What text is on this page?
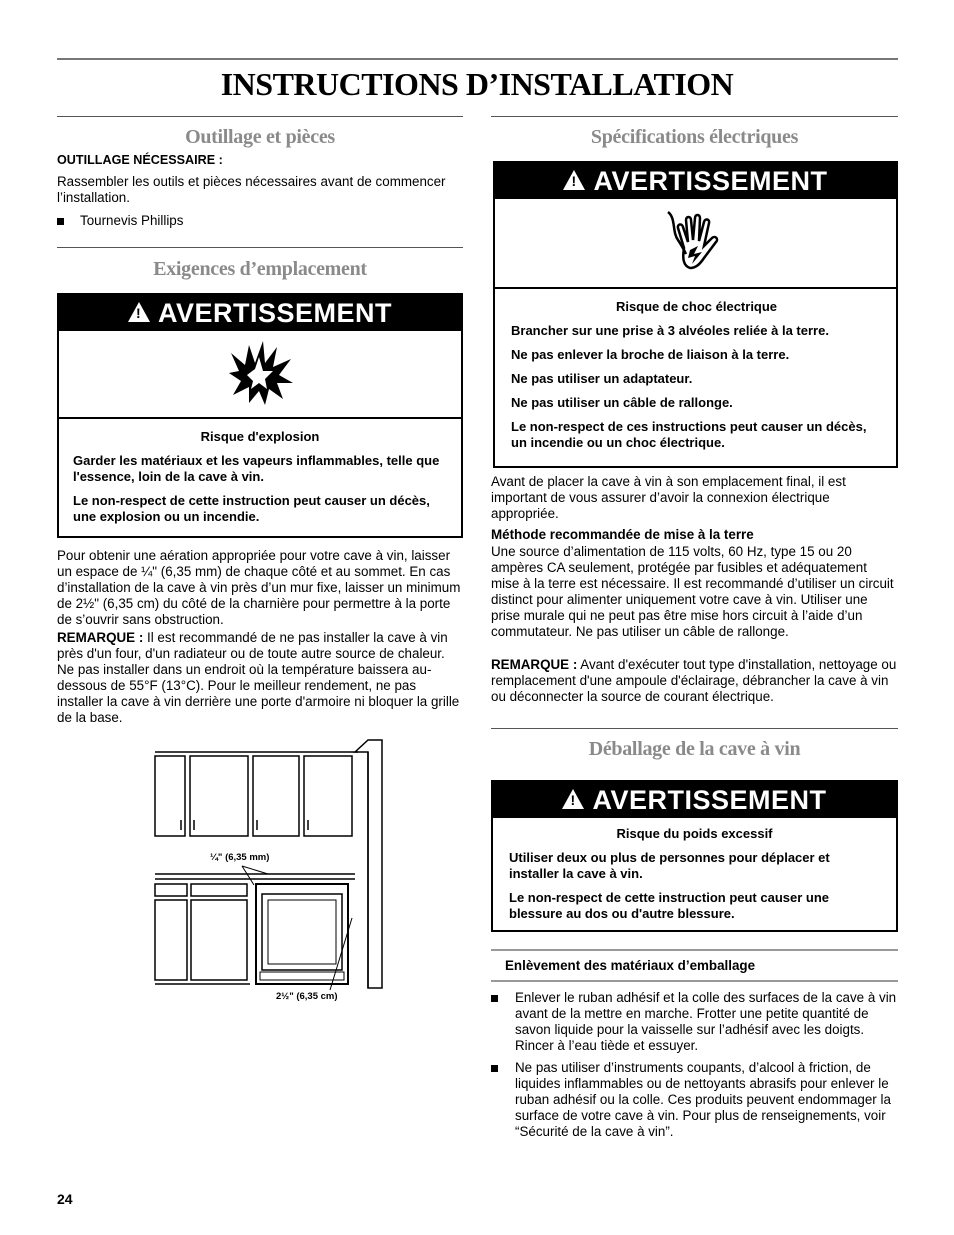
INSTRUCTIONS D’INSTALLATION
Outillage et pièces

OUTILLAGE NÉCESSAIRE :

Rassembler les outils et pièces nécessaires avant de commencer l’installation.

Tournevis Phillips
Exigences d’emplacement
!AVERTISSEMENT

Risque d'explosion

Garder les matériaux et les vapeurs inflammables, telle que l'essence, loin de la cave à vin.

Le non-respect de cette instruction peut causer un décès, une explosion ou un incendie.

Pour obtenir une aération appropriée pour votre cave à vin, laisser un espace de ¼" (6,35 mm) de chaque côté et au sommet. En cas d’installation de la cave à vin près d’un mur fixe, laisser un minimum de 2½" (6,35 cm) du côté de la charnière pour permettre à la porte de s’ouvrir sans obstruction.

REMARQUE : Il est recommandé de ne pas installer la cave à vin près d'un four, d'un radiateur ou de toute autre source de chaleur. Ne pas installer dans un endroit où la température baissera au-dessous de 55°F (13°C). Pour le meilleur rendement, ne pas installer la cave à vin derrière une porte d'armoire ni bloquer la grille de la base.

¼" (6,35 mm)
2½" (6,35 cm)
Spécifications électriques
!AVERTISSEMENT

Risque de choc électrique

Brancher sur une prise à 3 alvéoles reliée à la terre.

Ne pas enlever la broche de liaison à la terre.

Ne pas utiliser un adaptateur.

Ne pas utiliser un câble de rallonge.

Le non-respect de ces instructions peut causer un décès, un incendie ou un choc électrique.

Avant de placer la cave à vin à son emplacement final, il est important de vous assurer d’avoir la connexion électrique appropriée.

Méthode recommandée de mise à la terre

Une source d’alimentation de 115 volts, 60 Hz, type 15 ou 20 ampères CA seulement, protégée par fusibles et adéquatement mise à la terre est nécessaire. Il est recommandé d’utiliser un circuit distinct pour alimenter uniquement votre cave à vin. Utiliser une prise murale qui ne peut pas être mise hors circuit à l’aide d’un commutateur. Ne pas utiliser un câble de rallonge.

REMARQUE : Avant d'exécuter tout type d'installation, nettoyage ou remplacement d'une ampoule d'éclairage, débrancher la cave à vin ou déconnecter la source de courant électrique.

Déballage de la cave à vin
!AVERTISSEMENT

Risque du poids excessif

Utiliser deux ou plus de personnes pour déplacer et installer la cave à vin.

Le non-respect de cette instruction peut causer une blessure au dos ou d'autre blessure.

Enlèvement des matériaux d’emballage

Enlever le ruban adhésif et la colle des surfaces de la cave à vin avant de la mettre en marche. Frotter une petite quantité de savon liquide pour la vaisselle sur l’adhésif avec les doigts. Rincer à l’eau tiède et essuyer.
Ne pas utiliser d’instruments coupants, d’alcool à friction, de liquides inflammables ou de nettoyants abrasifs pour enlever le ruban adhésif ou la colle. Ces produits peuvent endommager la surface de votre cave à vin. Pour plus de renseignements, voir “Sécurité de la cave à vin”.
24
